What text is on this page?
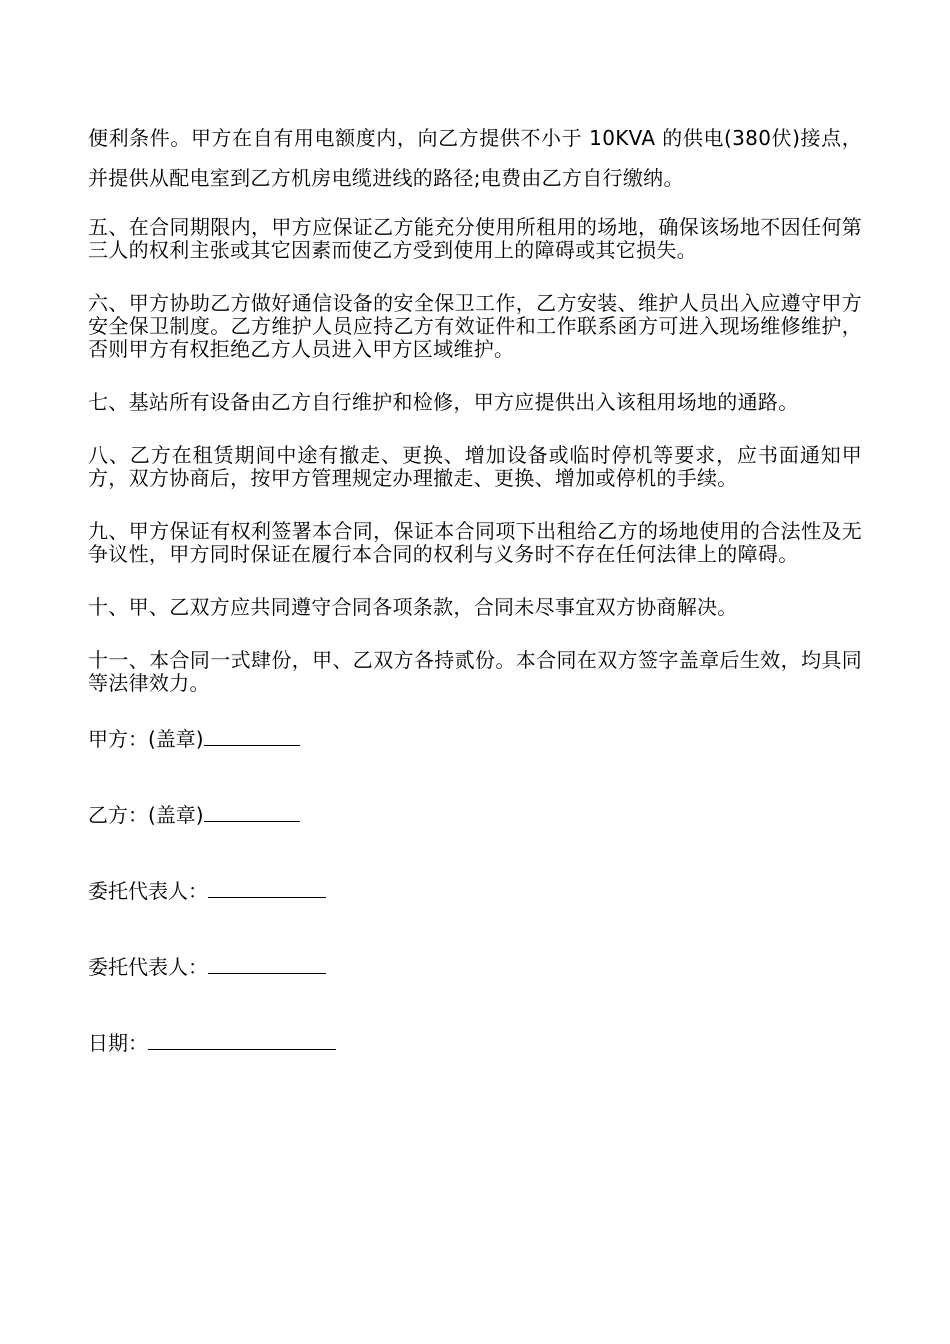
便利条件。甲方在自有用电额度内，向乙方提供不小于 10KVA 的供电(380伏)接点，并提供从配电室到乙方机房电缆进线的路径;电费由乙方自行缴纳。

五、在合同期限内，甲方应保证乙方能充分使用所租用的场地，确保该场地不因任何第三人的权利主张或其它因素而使乙方受到使用上的障碍或其它损失。

六、甲方协助乙方做好通信设备的安全保卫工作，乙方安装、维护人员出入应遵守甲方安全保卫制度。乙方维护人员应持乙方有效证件和工作联系函方可进入现场维修维护，否则甲方有权拒绝乙方人员进入甲方区域维护。

七、基站所有设备由乙方自行维护和检修，甲方应提供出入该租用场地的通路。

八、乙方在租赁期间中途有撤走、更换、增加设备或临时停机等要求，应书面通知甲方，双方协商后，按甲方管理规定办理撤走、更换、增加或停机的手续。

九、甲方保证有权利签署本合同，保证本合同项下出租给乙方的场地使用的合法性及无争议性，甲方同时保证在履行本合同的权利与义务时不存在任何法律上的障碍。

十、甲、乙双方应共同遵守合同各项条款，合同未尽事宜双方协商解决。

十一、本合同一式肆份，甲、乙双方各持贰份。本合同在双方签字盖章后生效，均具同等法律效力。

甲方：(盖章)

乙方：(盖章)

委托代表人：

委托代表人：

日期：
